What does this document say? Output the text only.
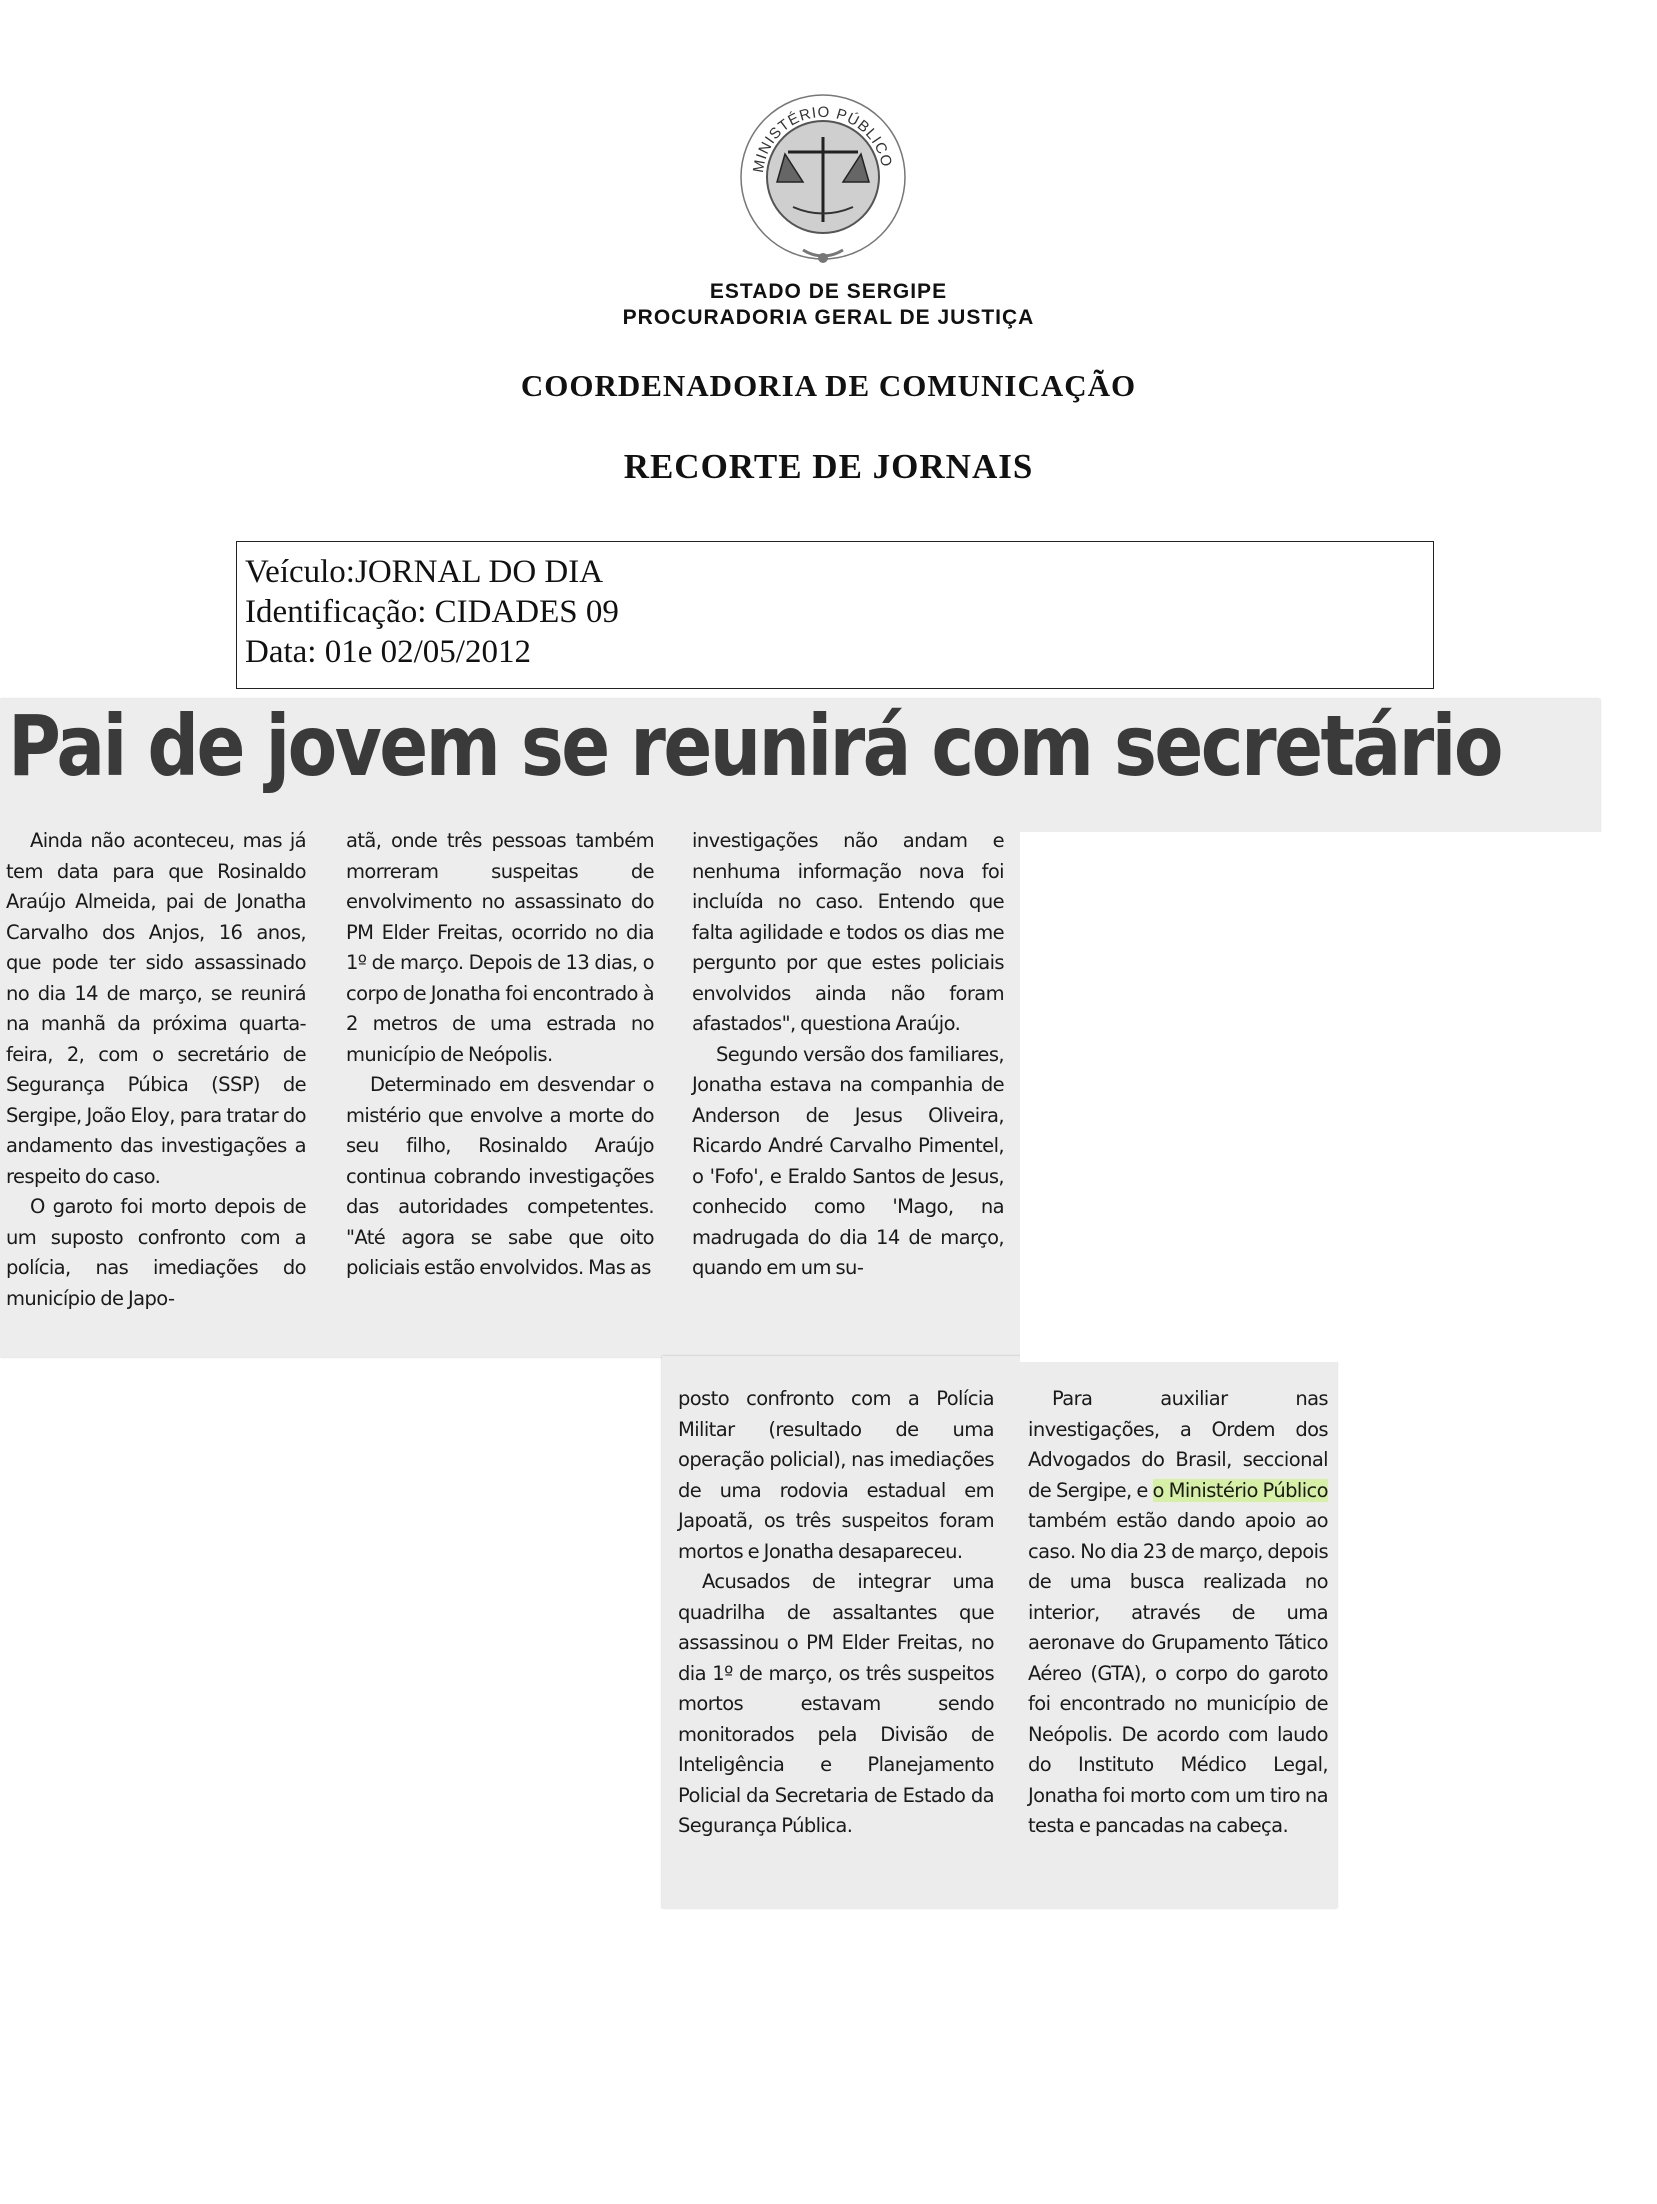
MINISTÉRIO PÚBLICO
ESTADO DE SERGIPE
PROCURADORIA GERAL DE JUSTIÇA
COORDENADORIA DE COMUNICAÇÃO
RECORTE DE JORNAIS
Veículo:JORNAL DO DIA
Identificação: CIDADES 09
Data: 01e 02/05/2012
Pai de jovem se reunirá com secretário

Ainda não aconteceu, mas já tem data para que Rosinaldo Araújo Almeida, pai de Jonatha Carvalho dos Anjos, 16 anos, que pode ter sido assassinado no dia 14 de março, se reunirá na manhã da próxima quarta-feira, 2, com o secretário de Segurança Púbica (SSP) de Sergipe, João Eloy, para tratar do andamento das investigações a respeito do caso.

O garoto foi morto depois de um suposto confronto com a polícia, nas imediações do município de Japo-

atã, onde três pessoas também morreram suspeitas de envolvimento no assassinato do PM Elder Freitas, ocorrido no dia 1º de março. Depois de 13 dias, o corpo de Jonatha foi encontrado à 2 metros de uma estrada no município de Neópolis.

Determinado em desvendar o mistério que envolve a morte do seu filho, Rosinaldo Araújo continua cobrando investigações das autoridades competentes. "Até agora se sabe que oito policiais estão envolvidos. Mas as

investigações não andam e nenhuma informação nova foi incluída no caso. Entendo que falta agilidade e todos os dias me pergunto por que estes policiais envolvidos ainda não foram afastados", questiona Araújo.

Segundo versão dos familiares, Jonatha estava na companhia de Anderson de Jesus Oliveira, Ricardo André Carvalho Pimentel, o 'Fofo', e Eraldo Santos de Jesus, conhecido como 'Mago, na madrugada do dia 14 de março, quando em um su-

posto confronto com a Polícia Militar (resultado de uma operação policial), nas imediações de uma rodovia estadual em Japoatã, os três suspeitos foram mortos e Jonatha desapareceu.

Acusados de integrar uma quadrilha de assaltantes que assassinou o PM Elder Freitas, no dia 1º de março, os três suspeitos mortos estavam sendo monitorados pela Divisão de Inteligência e Planejamento Policial da Secretaria de Estado da Segurança Pública.

Para auxiliar nas investigações, a Ordem dos Advogados do Brasil, seccional de Sergipe, e o Ministério Público também estão dando apoio ao caso. No dia 23 de março, depois de uma busca realizada no interior, através de uma aeronave do Grupamento Tático Aéreo (GTA), o corpo do garoto foi encontrado no município de Neópolis. De acordo com laudo do Instituto Médico Legal, Jonatha foi morto com um tiro na testa e pancadas na cabeça.
